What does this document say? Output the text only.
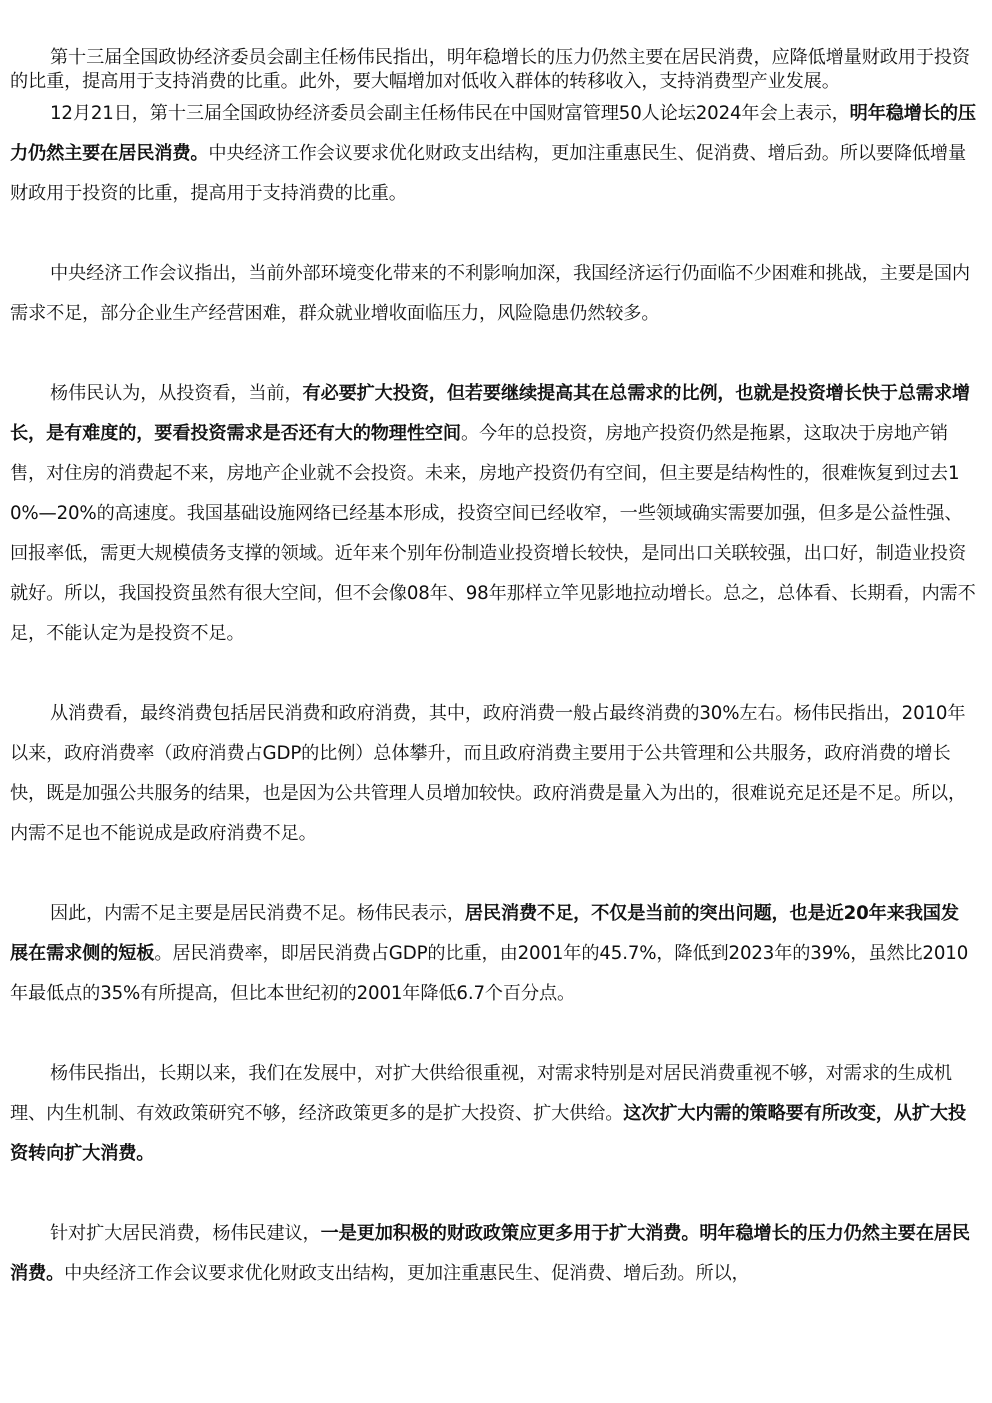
第十三届全国政协经济委员会副主任杨伟民指出，明年稳增长的压力仍然主要在居民消费，应降低增量财政用于投资的比重，提高用于支持消费的比重。此外，要大幅增加对低收入群体的转移收入，支持消费型产业发展。

12月21日，第十三届全国政协经济委员会副主任杨伟民在中国财富管理50人论坛2024年会上表示，明年稳增长的压力仍然主要在居民消费。中央经济工作会议要求优化财政支出结构，更加注重惠民生、促消费、增后劲。所以要降低增量财政用于投资的比重，提高用于支持消费的比重。

中央经济工作会议指出，当前外部环境变化带来的不利影响加深，我国经济运行仍面临不少困难和挑战，主要是国内需求不足，部分企业生产经营困难，群众就业增收面临压力，风险隐患仍然较多。

杨伟民认为，从投资看，当前，有必要扩大投资，但若要继续提高其在总需求的比例，也就是投资增长快于总需求增长，是有难度的，要看投资需求是否还有大的物理性空间。今年的总投资，房地产投资仍然是拖累，这取决于房地产销售，对住房的消费起不来，房地产企业就不会投资。未来，房地产投资仍有空间，但主要是结构性的，很难恢复到过去10%—20%的高速度。我国基础设施网络已经基本形成，投资空间已经收窄，一些领域确实需要加强，但多是公益性强、回报率低，需更大规模债务支撑的领域。近年来个别年份制造业投资增长较快，是同出口关联较强，出口好，制造业投资就好。所以，我国投资虽然有很大空间，但不会像08年、98年那样立竿见影地拉动增长。总之，总体看、长期看，内需不足，不能认定为是投资不足。

从消费看，最终消费包括居民消费和政府消费，其中，政府消费一般占最终消费的30%左右。杨伟民指出，2010年以来，政府消费率（政府消费占GDP的比例）总体攀升，而且政府消费主要用于公共管理和公共服务，政府消费的增长快，既是加强公共服务的结果，也是因为公共管理人员增加较快。政府消费是量入为出的，很难说充足还是不足。所以，内需不足也不能说成是政府消费不足。

因此，内需不足主要是居民消费不足。杨伟民表示，居民消费不足，不仅是当前的突出问题，也是近20年来我国发展在需求侧的短板。居民消费率，即居民消费占GDP的比重，由2001年的45.7%，降低到2023年的39%，虽然比2010年最低点的35%有所提高，但比本世纪初的2001年降低6.7个百分点。

杨伟民指出，长期以来，我们在发展中，对扩大供给很重视，对需求特别是对居民消费重视不够，对需求的生成机理、内生机制、有效政策研究不够，经济政策更多的是扩大投资、扩大供给。这次扩大内需的策略要有所改变，从扩大投资转向扩大消费。

针对扩大居民消费，杨伟民建议，一是更加积极的财政政策应更多用于扩大消费。明年稳增长的压力仍然主要在居民消费。中央经济工作会议要求优化财政支出结构，更加注重惠民生、促消费、增后劲。所以，
